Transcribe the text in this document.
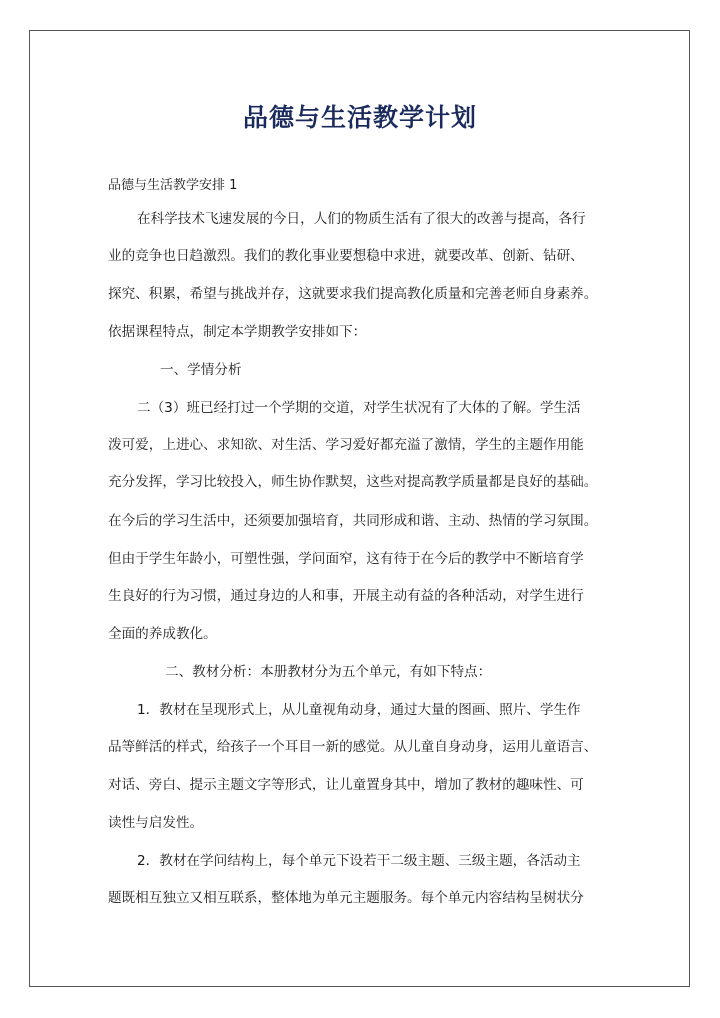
品德与生活教学计划
品德与生活教学安排 1
在科学技术飞速发展的今日，人们的物质生活有了很大的改善与提高，各行
业的竞争也日趋激烈。我们的教化事业要想稳中求进，就要改革、创新、钻研、
探究、积累，希望与挑战并存，这就要求我们提高教化质量和完善老师自身素养。
依据课程特点，制定本学期教学安排如下：
一、学情分析
二（3）班已经打过一个学期的交道，对学生状况有了大体的了解。学生活
泼可爱，上进心、求知欲、对生活、学习爱好都充溢了激情，学生的主题作用能
充分发挥，学习比较投入，师生协作默契，这些对提高教学质量都是良好的基础。
在今后的学习生活中，还须要加强培育，共同形成和谐、主动、热情的学习氛围。
但由于学生年龄小，可塑性强，学问面窄，这有待于在今后的教学中不断培育学
生良好的行为习惯，通过身边的人和事，开展主动有益的各种活动，对学生进行
全面的养成教化。
二、教材分析：本册教材分为五个单元，有如下特点：
1．教材在呈现形式上，从儿童视角动身，通过大量的图画、照片、学生作
品等鲜活的样式，给孩子一个耳目一新的感觉。从儿童自身动身，运用儿童语言、
对话、旁白、提示主题文字等形式，让儿童置身其中，增加了教材的趣味性、可
读性与启发性。
2．教材在学问结构上，每个单元下设若干二级主题、三级主题，各活动主
题既相互独立又相互联系，整体地为单元主题服务。每个单元内容结构呈树状分
